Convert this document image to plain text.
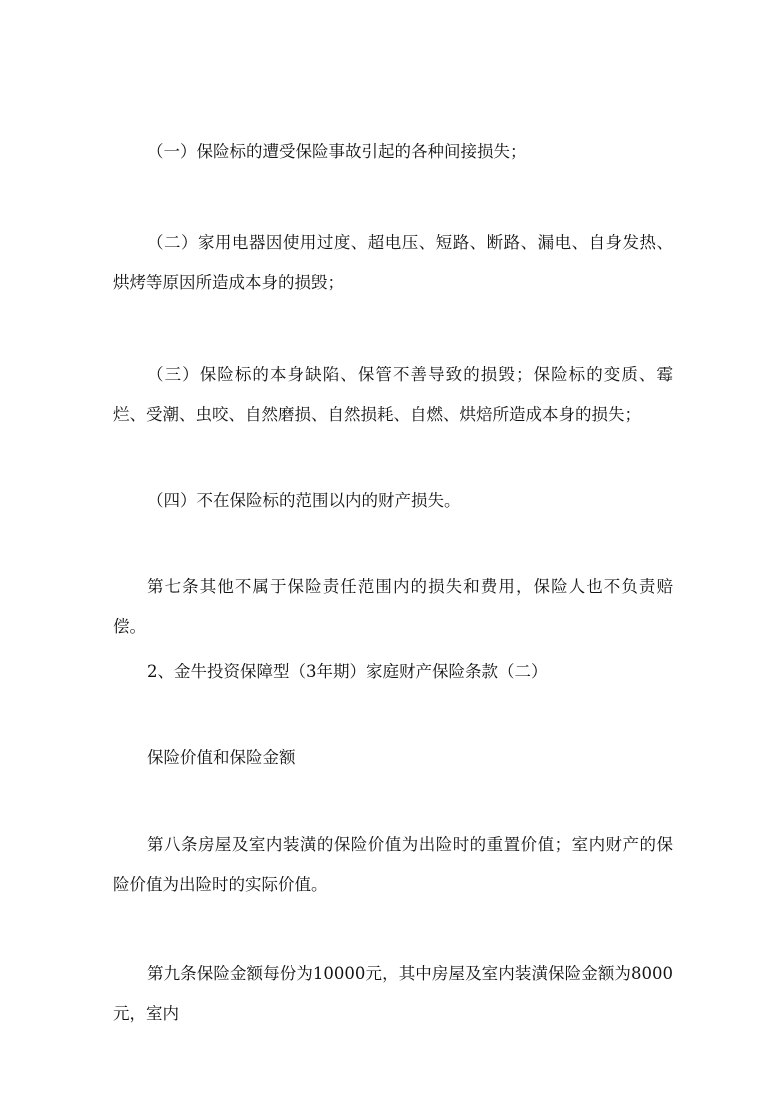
（一）保险标的遭受保险事故引起的各种间接损失；

（二）家用电器因使用过度、超电压、短路、断路、漏电、自身发热、烘烤等原因所造成本身的损毁；

（三）保险标的本身缺陷、保管不善导致的损毁；保险标的变质、霉烂、受潮、虫咬、自然磨损、自然损耗、自燃、烘焙所造成本身的损失；

（四）不在保险标的范围以内的财产损失。

第七条其他不属于保险责任范围内的损失和费用，保险人也不负责赔偿。

2、金牛投资保障型（3年期）家庭财产保险条款（二）

保险价值和保险金额

第八条房屋及室内装潢的保险价值为出险时的重置价值；室内财产的保险价值为出险时的实际价值。

第九条保险金额每份为10000元，其中房屋及室内装潢保险金额为8000元，室内
